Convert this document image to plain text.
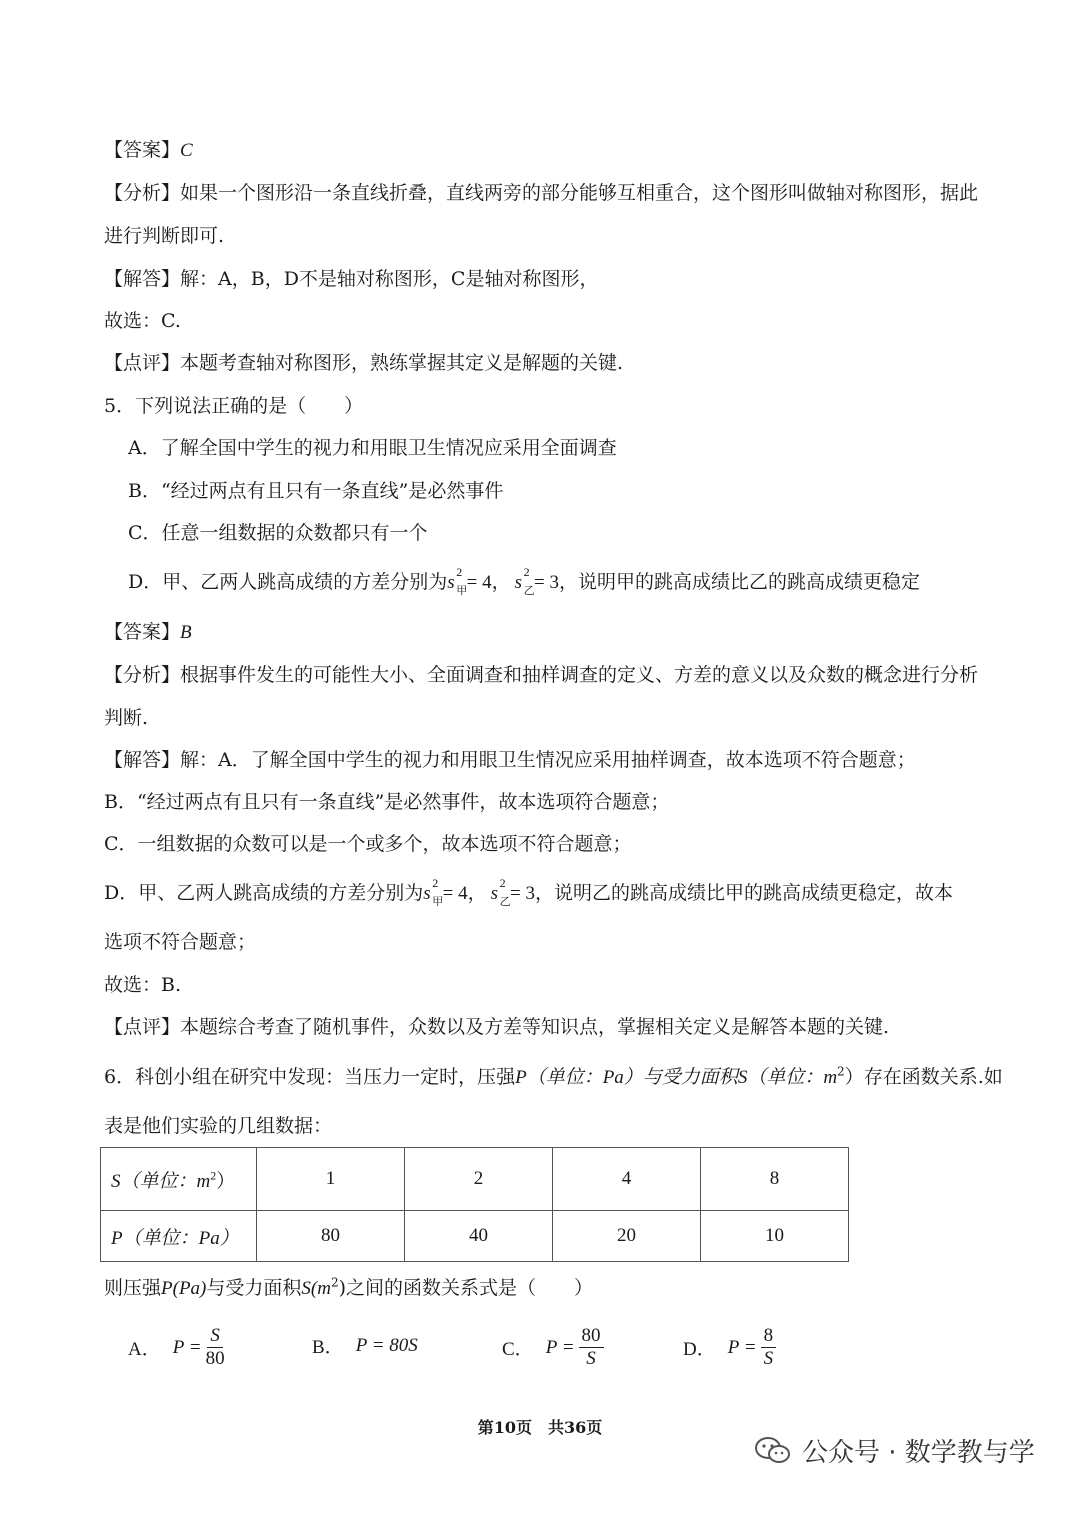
【答案】C
【分析】如果一个图形沿一条直线折叠，直线两旁的部分能够互相重合，这个图形叫做轴对称图形，据此
进行判断即可.
【解答】解：A，B，D不是轴对称图形，C是轴对称图形，
故选：C.
【点评】本题考查轴对称图形，熟练掌握其定义是解题的关键.
5．下列说法正确的是（　　）
A．了解全国中学生的视力和用眼卫生情况应采用全面调查
B．“经过两点有且只有一条直线”是必然事件
C．任意一组数据的众数都只有一个
D．甲、乙两人跳高成绩的方差分别为s 2
甲 = 4， s 2
乙 = 3，说明甲的跳高成绩比乙的跳高成绩更稳定
【答案】B
【分析】根据事件发生的可能性大小、全面调查和抽样调查的定义、方差的意义以及众数的概念进行分析
判断.
【解答】解：A．了解全国中学生的视力和用眼卫生情况应采用抽样调查，故本选项不符合题意；
B．“经过两点有且只有一条直线”是必然事件，故本选项符合题意；
C．一组数据的众数可以是一个或多个，故本选项不符合题意；
D．甲、乙两人跳高成绩的方差分别为s 2
甲 = 4， s 2
乙 = 3，说明乙的跳高成绩比甲的跳高成绩更稳定，故本
选项不符合题意；
故选：B.
【点评】本题综合考查了随机事件，众数以及方差等知识点，掌握相关定义是解答本题的关键.
6．科创小组在研究中发现：当压力一定时，压强P（单位：Pa）与受力面积S（单位：$m^2$）存在函数关系.如
表是他们实验的几组数据：
S（单位：$m^2$）	1	2	4	8
P（单位：Pa）	80	40	20	10
则压强P(Pa)与受力面积$S(m^2)$之间的函数关系式是（　　）
A． $P = \frac{S}{80}$	B． P = 80S	C． $P = \frac{80}{S}$	D． $P = \frac{8}{S}$
第10页　共36页
公众号 · 数学教与学
